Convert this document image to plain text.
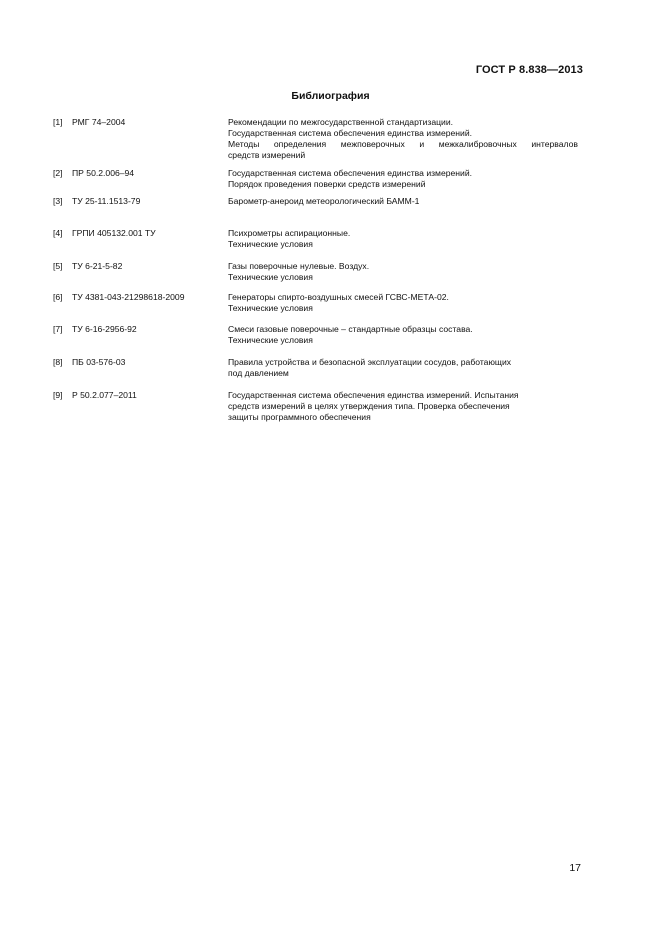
ГОСТ Р 8.838—2013
Библиография
[1] РМГ 74–2004	Рекомендации по межгосударственной стандартизации.
Государственная система обеспечения единства измерений.
Методы определения межповерочных и межкалибровочных интервалов
средств измерений
[2] ПР 50.2.006–94	Государственная система обеспечения единства измерений.
Порядок проведения поверки средств измерений
[3] ТУ 25-11.1513-79	Барометр-анероид метеорологический БАММ-1
[4] ГРПИ 405132.001 ТУ	Психрометры аспирационные.
Технические условия
[5] ТУ 6-21-5-82	Газы поверочные нулевые. Воздух.
Технические условия
[6] ТУ 4381-043-21298618-2009	Генераторы спирто-воздушных смесей ГСВС-МЕТА-02.
Технические условия
[7] ТУ 6-16-2956-92	Смеси газовые поверочные – стандартные образцы состава.
Технические условия
[8] ПБ 03-576-03	Правила устройства и безопасной эксплуатации сосудов, работающих
под давлением
[9] Р 50.2.077–2011	Государственная система обеспечения единства измерений. Испытания
средств измерений в целях утверждения типа. Проверка обеспечения
защиты программного обеспечения
17
